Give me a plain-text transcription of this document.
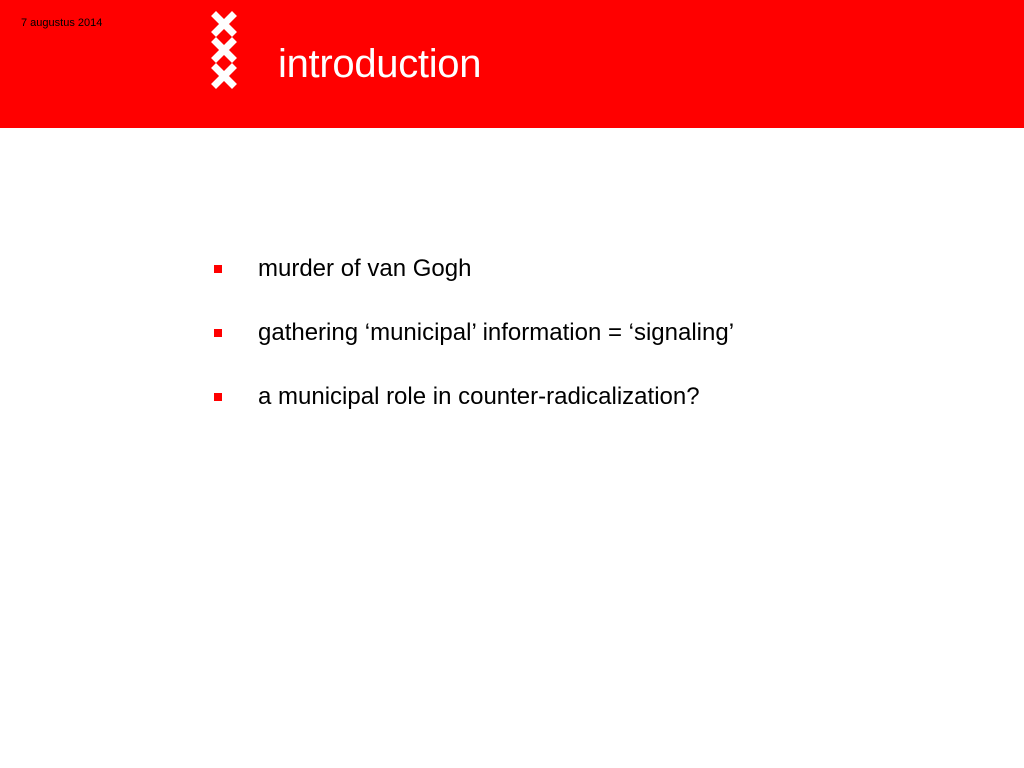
7 augustus 2014
introduction
murder of van Gogh
gathering ‘municipal’ information = ‘signaling’
a municipal role in counter-radicalization?
